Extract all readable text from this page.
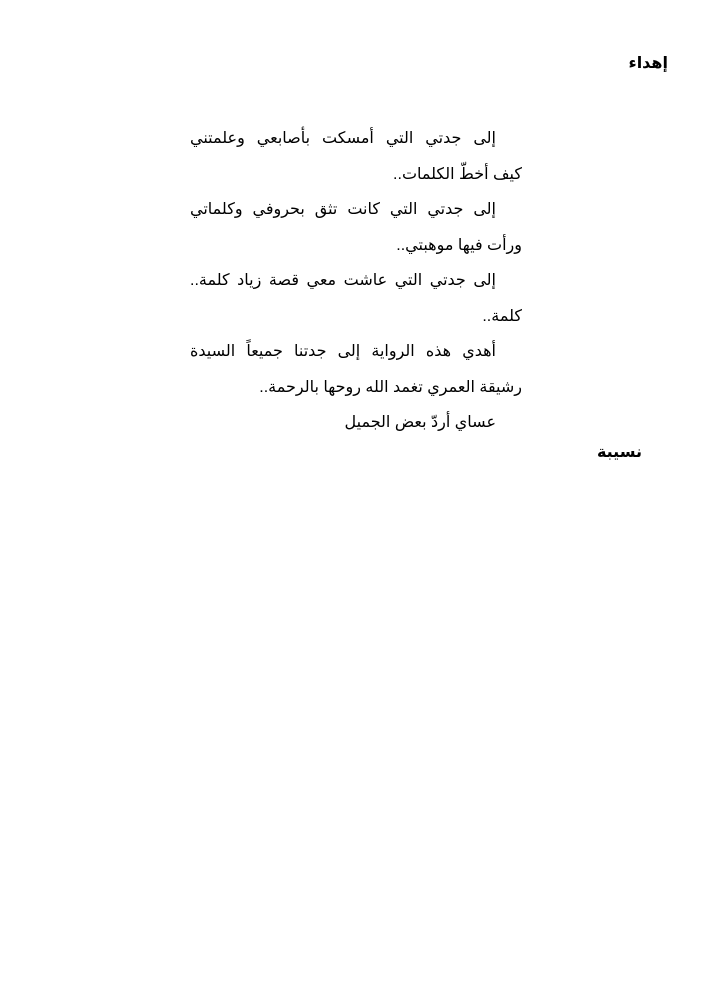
إهداء
إلى جدتي التي أمسكت بأصابعي وعلمتني
كيف أخطّ الكلمات..
إلى جدتي التي كانت تثق بحروفي وكلماتي
ورأت فيها موهبتي..
إلى جدتي التي عاشت معي قصة زياد كلمة..
كلمة..
أهدي هذه الرواية إلى جدتنا جميعاً السيدة
رشيقة العمري تغمد الله روحها بالرحمة..
عساي أردّ بعض الجميل
نسيبة
